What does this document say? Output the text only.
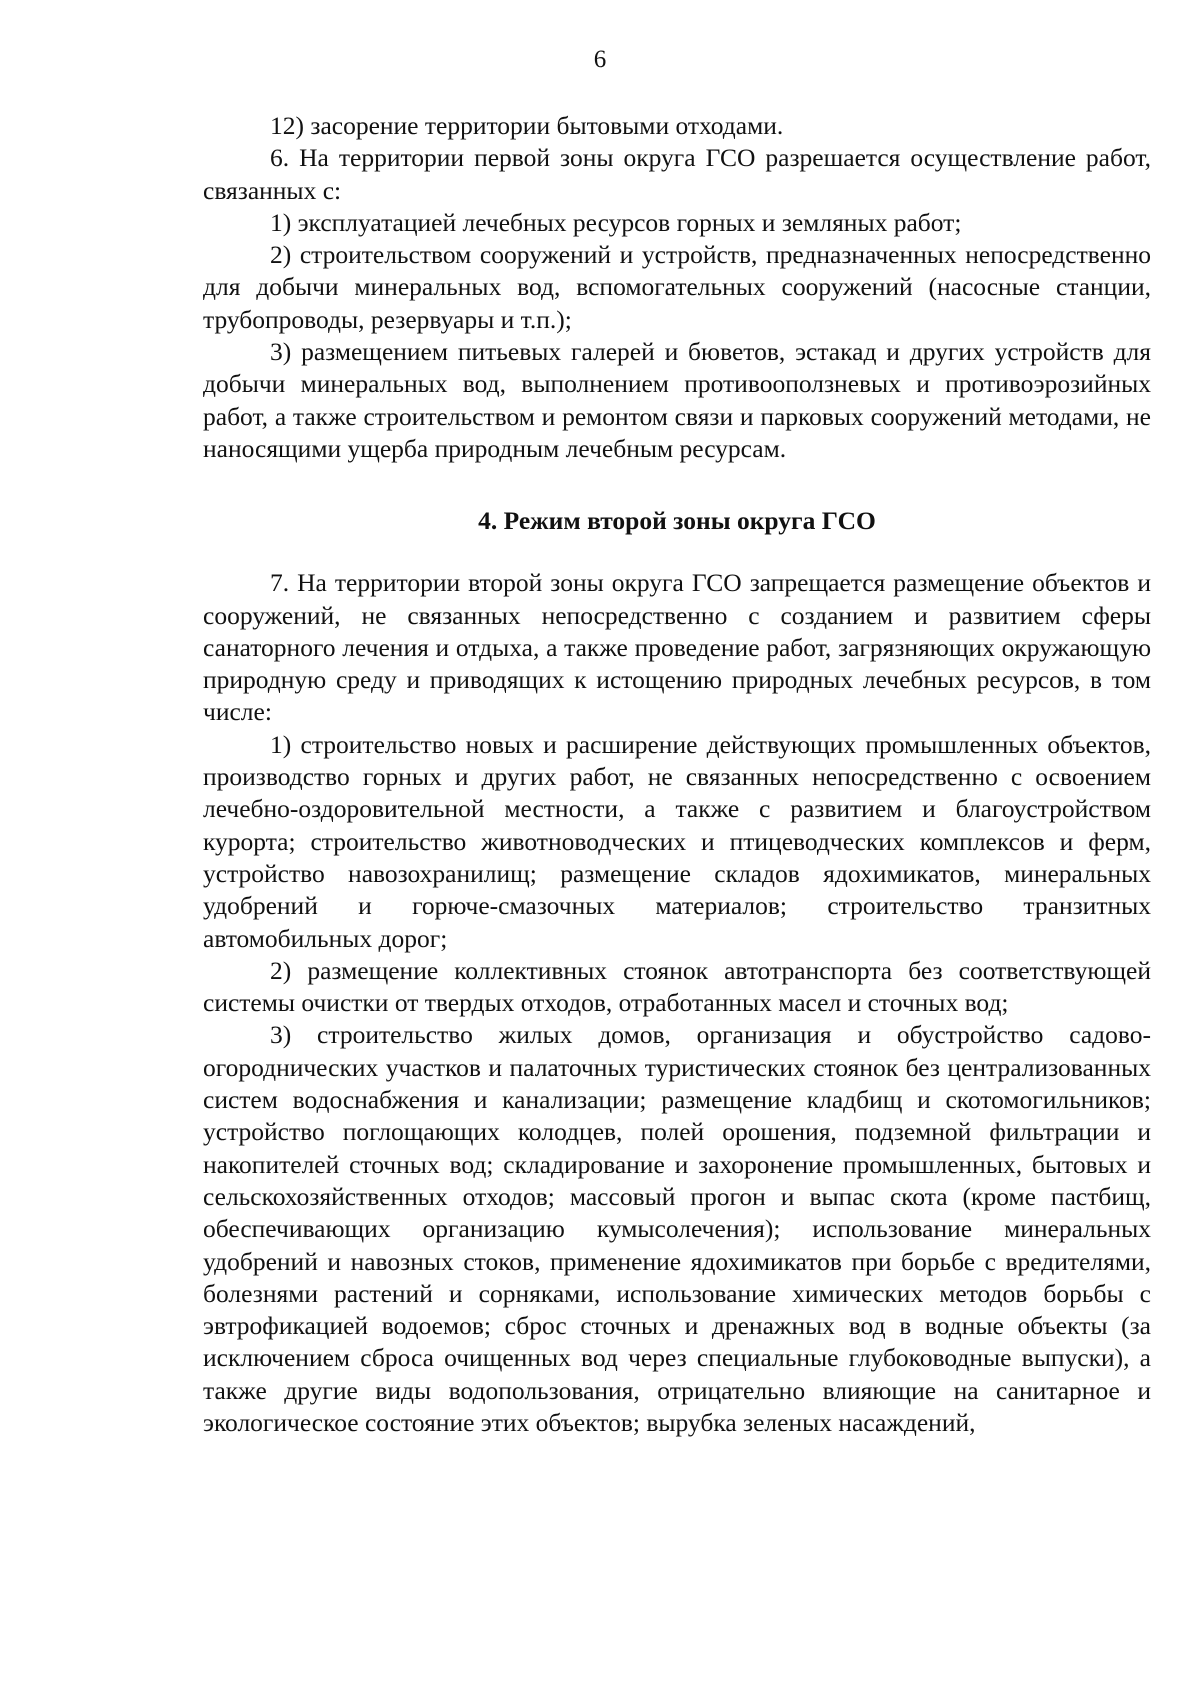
6

12) засорение территории бытовыми отходами.

6. На территории первой зоны округа ГСО разрешается осуществление работ, связанных с:

1) эксплуатацией лечебных ресурсов горных и земляных работ;

2) строительством сооружений и устройств, предназначенных непосредственно для добычи минеральных вод, вспомогательных сооружений (насосные станции, трубопроводы, резервуары и т.п.);

3) размещением питьевых галерей и бюветов, эстакад и других устройств для добычи минеральных вод, выполнением противооползневых и противоэрозийных работ, а также строительством и ремонтом связи и парковых сооружений методами, не наносящими ущерба природным лечебным ресурсам.

4. Режим второй зоны округа ГСО

7. На территории второй зоны округа ГСО запрещается размещение объектов и сооружений, не связанных непосредственно с созданием и развитием сферы санаторного лечения и отдыха, а также проведение работ, загрязняющих окружающую природную среду и приводящих к истощению природных лечебных ресурсов, в том числе:

1) строительство новых и расширение действующих промышленных объектов, производство горных и других работ, не связанных непосредственно с освоением лечебно-оздоровительной местности, а также с развитием и благоустройством курорта; строительство животноводческих и птицеводческих комплексов и ферм, устройство навозохранилищ; размещение складов ядохимикатов, минеральных удобрений и горюче-смазочных материалов; строительство транзитных автомобильных дорог;

2) размещение коллективных стоянок автотранспорта без соответствующей системы очистки от твердых отходов, отработанных масел и сточных вод;

3) строительство жилых домов, организация и обустройство садово-огороднических участков и палаточных туристических стоянок без централизованных систем водоснабжения и канализации; размещение кладбищ и скотомогильников; устройство поглощающих колодцев, полей орошения, подземной фильтрации и накопителей сточных вод; складирование и захоронение промышленных, бытовых и сельскохозяйственных отходов; массовый прогон и выпас скота (кроме пастбищ, обеспечивающих организацию кумысолечения); использование минеральных удобрений и навозных стоков, применение ядохимикатов при борьбе с вредителями, болезнями растений и сорняками, использование химических методов борьбы с эвтрофикацией водоемов; сброс сточных и дренажных вод в водные объекты (за исключением сброса очищенных вод через специальные глубоководные выпуски), а также другие виды водопользования, отрицательно влияющие на санитарное и экологическое состояние этих объектов; вырубка зеленых насаждений,
